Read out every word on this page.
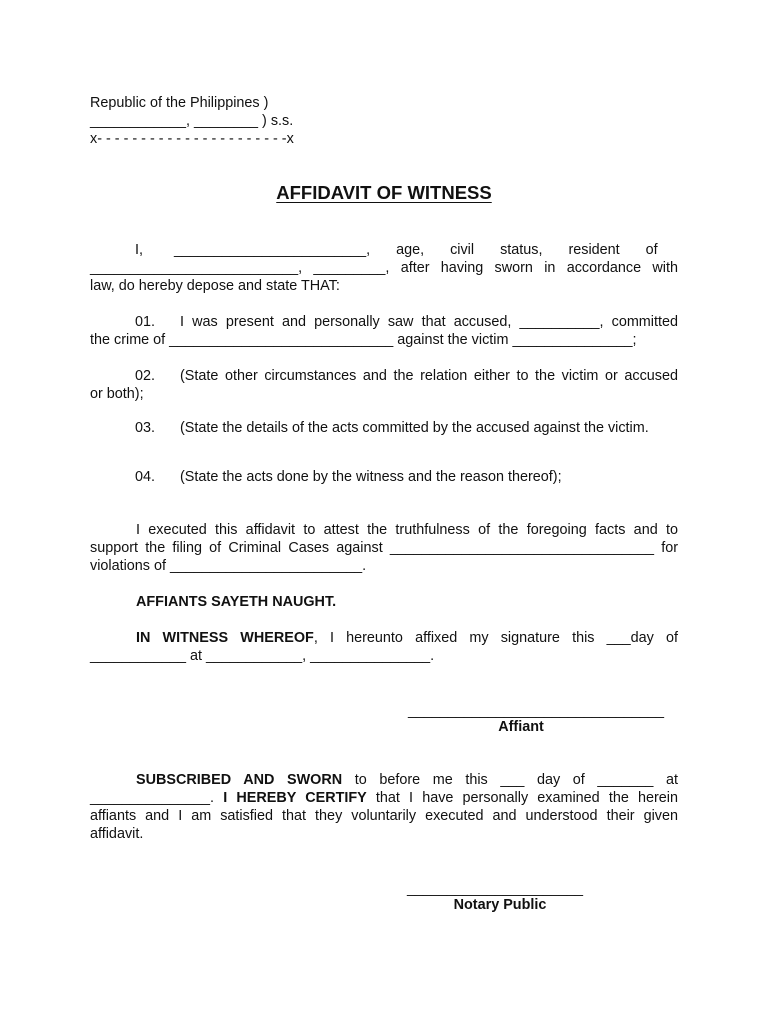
Republic of the Philippines )

____________, ________ ) s.s.

x- - - - - - - - - - - - - - - - - - - - - -x

AFFIDAVIT OF WITNESS

I, ________________________, age, civil status, resident of

__________________________, _________, after having sworn in accordance with

law, do hereby depose and state THAT:

01. I was present and personally saw that accused, __________, committed

the crime of ____________________________ against the victim _______________;

02. (State other circumstances and the relation either to the victim or accused

or both);

03. (State the details of the acts committed by the accused against the victim.

04. (State the acts done by the witness and the reason thereof);

I executed this affidavit to attest the truthfulness of the foregoing facts and to

support the filing of Criminal Cases against _________________________________ for

violations of ________________________.

AFFIANTS SAYETH NAUGHT.

IN WITNESS WHEREOF, I hereunto affixed my signature this ___day of

____________ at ____________, _______________.

________________________________
Affiant

SUBSCRIBED AND SWORN to before me this ___ day of _______ at

_______________. I HEREBY CERTIFY that I have personally examined the herein

affiants and I am satisfied that they voluntarily executed and understood their given

affidavit.

______________________
Notary Public
